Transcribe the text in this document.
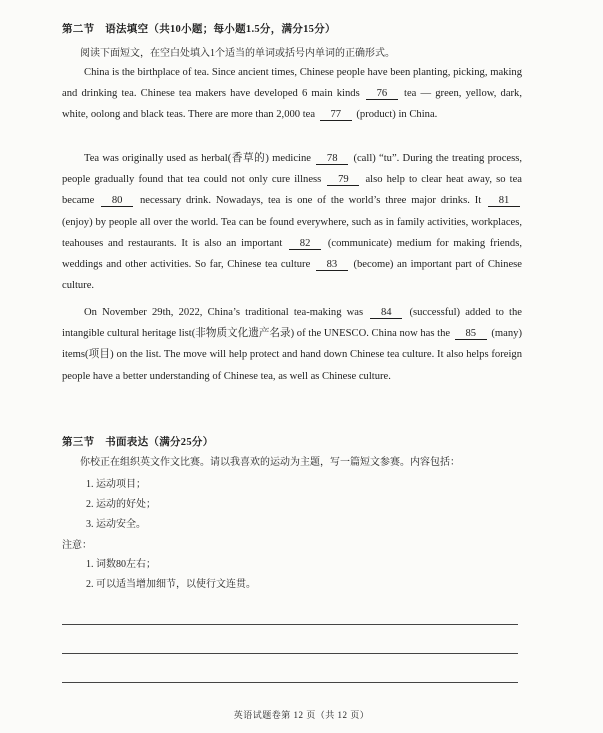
第二节　语法填空（共10小题；每小题1.5分，满分15分）
阅读下面短文，在空白处填入1个适当的单词或括号内单词的正确形式。

China is the birthplace of tea. Since ancient times, Chinese people have been planting, picking, making and drinking tea. Chinese tea makers have developed 6 main kinds 76 tea — green, yellow, dark, white, oolong and black teas. There are more than 2,000 tea 77 (product) in China.

Tea was originally used as herbal(香草的) medicine 78 (call) “tu”. During the treating process, people gradually found that tea could not only cure illness 79 also help to clear heat away, so tea became 80 necessary drink. Nowadays, tea is one of the world’s three major drinks. It 81 (enjoy) by people all over the world. Tea can be found everywhere, such as in family activities, workplaces, teahouses and restaurants. It is also an important 82 (communicate) medium for making friends, weddings and other activities. So far, Chinese tea culture 83 (become) an important part of Chinese culture.

On November 29th, 2022, China’s traditional tea-making was 84 (successful) added to the intangible cultural heritage list(非物质文化遗产名录) of the UNESCO. China now has the 85 (many) items(项目) on the list. The move will help protect and hand down Chinese tea culture. It also helps foreign people have a better understanding of Chinese tea, as well as Chinese culture.

第三节　书面表达（满分25分）
你校正在组织英文作文比赛。请以我喜欢的运动为主题，写一篇短文参赛。内容包括：
1. 运动项目；
2. 运动的好处；
3. 运动安全。
注意：
1. 词数80左右；
2. 可以适当增加细节，以使行文连贯。
英语试题卷第 12 页（共 12 页）
